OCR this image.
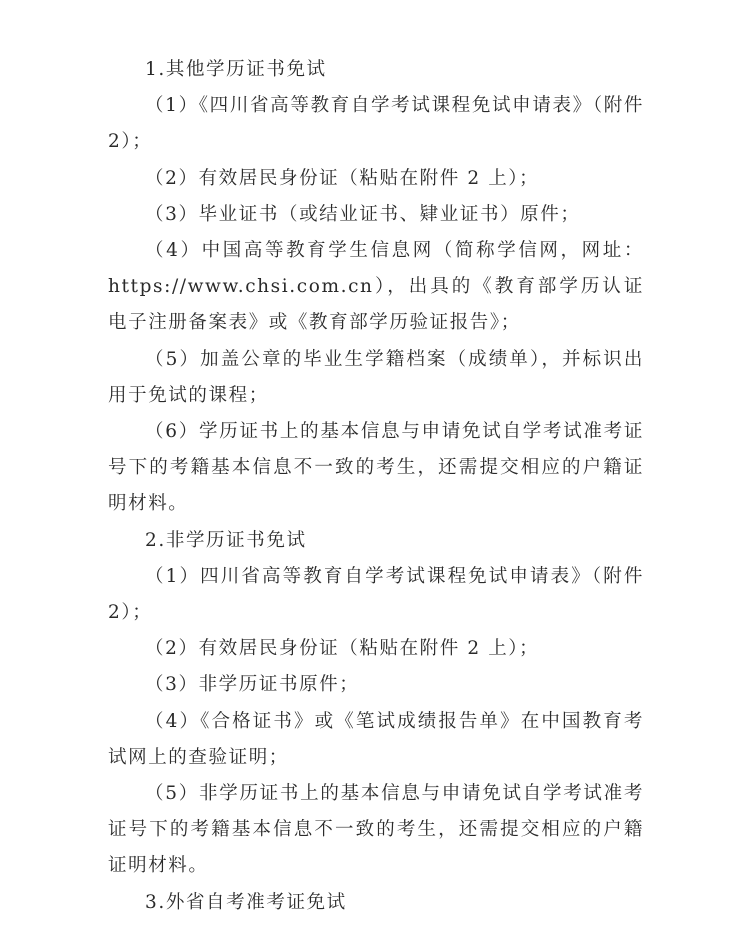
1.其他学历证书免试

（1）《四川省高等教育自学考试课程免试申请表》（附件 2）；

（2）有效居民身份证（粘贴在附件 2 上）；

（3）毕业证书（或结业证书、肄业证书）原件；

（4）中国高等教育学生信息网（简称学信网，网址：https://www.chsi.com.cn），出具的《教育部学历认证电子注册备案表》或《教育部学历验证报告》；

（5）加盖公章的毕业生学籍档案（成绩单），并标识出用于免试的课程；

（6）学历证书上的基本信息与申请免试自学考试准考证号下的考籍基本信息不一致的考生，还需提交相应的户籍证明材料。

2.非学历证书免试

（1）四川省高等教育自学考试课程免试申请表》（附件 2）；

（2）有效居民身份证（粘贴在附件 2 上）；

（3）非学历证书原件；

（4）《合格证书》或《笔试成绩报告单》在中国教育考试网上的查验证明；

（5）非学历证书上的基本信息与申请免试自学考试准考证号下的考籍基本信息不一致的考生，还需提交相应的户籍证明材料。

3.外省自考准考证免试
